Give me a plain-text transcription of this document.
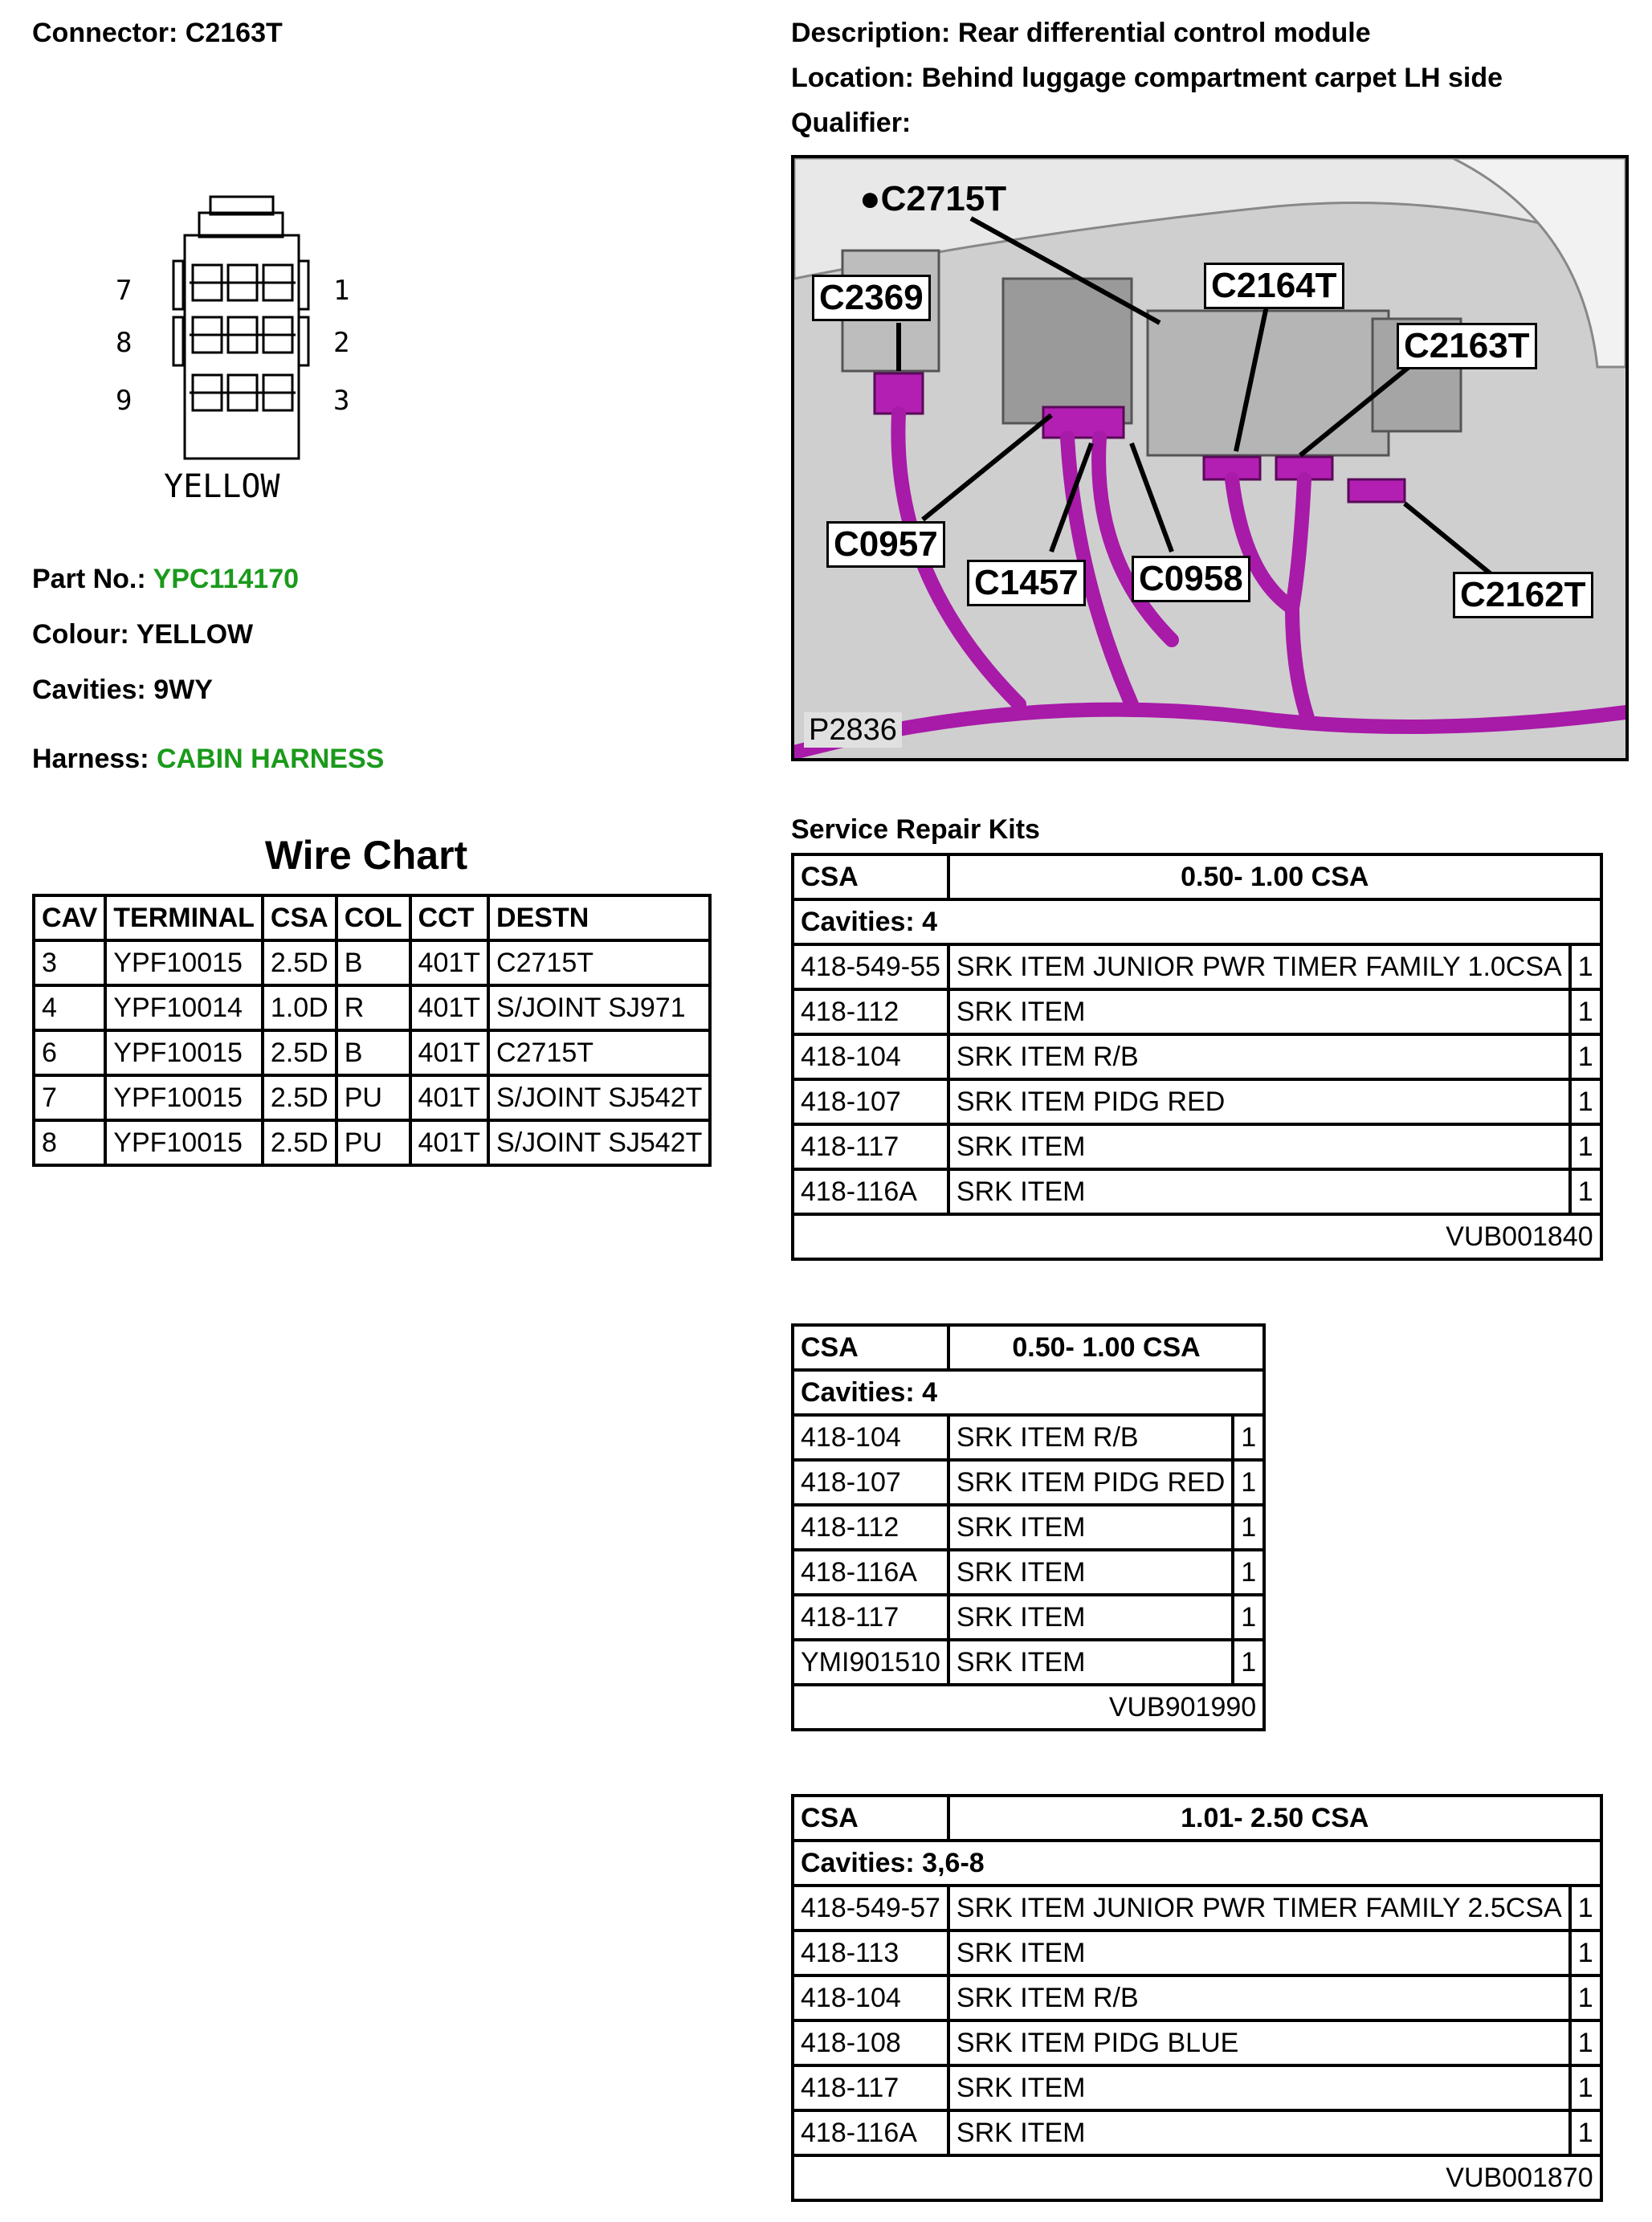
Connector: C2163T	Description: Rear differential control module
Location: Behind luggage compartment carpet LH side
Qualifier:
7
8
9
1
2
3
YELLOW
Part No.: YPC114170
Colour: YELLOW
Cavities: 9WY
Harness: CABIN HARNESS
Wire Chart
CAV	TERMINAL	CSA	COL	CCT	DESTN
3	YPF10015	2.5D	B	401T	C2715T
4	YPF10014	1.0D	R	401T	S/JOINT SJ971
6	YPF10015	2.5D	B	401T	C2715T
7	YPF10015	2.5D	PU	401T	S/JOINT SJ542T
8	YPF10015	2.5D	PU	401T	S/JOINT SJ542T
●C2715T
C2369	C2164T
C2163T
C0957
C1457 C0958	C2162T
P2836
Service Repair Kits
CSA	0.50- 1.00 CSA	
Cavities: 4		
418-549-55	SRK ITEM JUNIOR PWR TIMER FAMILY 1.0CSA	1
418-112	SRK ITEM	1
418-104	SRK ITEM R/B	1
418-107	SRK ITEM PIDG RED	1
418-117	SRK ITEM	1
418-116A	SRK ITEM	1
VUB001840		
CSA	0.50- 1.00 CSA	
Cavities: 4		
418-104	SRK ITEM R/B	1
418-107	SRK ITEM PIDG RED	1
418-112	SRK ITEM	1
418-116A	SRK ITEM	1
418-117	SRK ITEM	1
YMI901510	SRK ITEM	1
VUB901990		
CSA	1.01- 2.50 CSA	
Cavities: 3,6-8		
418-549-57	SRK ITEM JUNIOR PWR TIMER FAMILY 2.5CSA	1
418-113	SRK ITEM	1
418-104	SRK ITEM R/B	1
418-108	SRK ITEM PIDG BLUE	1
418-117	SRK ITEM	1
418-116A	SRK ITEM	1
VUB001870		
